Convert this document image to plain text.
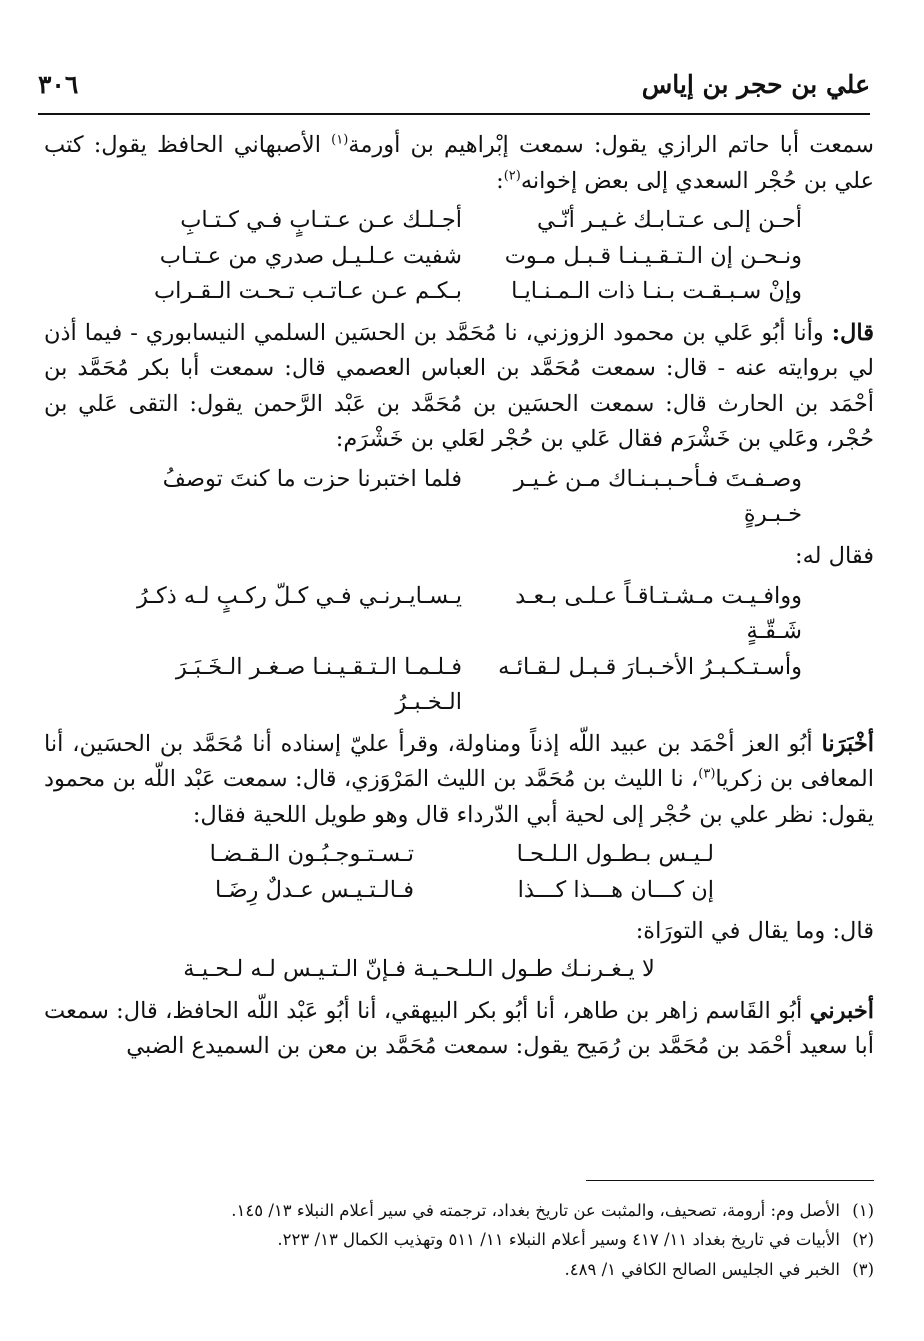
علي بن حجر بن إياس
٣٠٦

سمعت أبا حاتم الرازي يقول: سمعت إبْراهيم بن أورمة$^{(١)}$ الأصبهاني الحافظ يقول: كتب علي بن حُجْر السعدي إلى بعض إخوانه$^{(٢)}$:

أحـن إلـى عـتـابـك غـيـر أنّـي
أجـلـك عـن عـتـابٍ فـي كـتـابِ
ونـحـن إن الـتـقـيـنـا قـبـل مـوت
شفيت عـلـيـل صدري من عـتـاب
وإنْ سـبـقـت بـنـا ذات الـمـنـايـا
بـكـم عـن عـاتـب تـحـت الـقـراب

قال: وأنا أبُو عَلي بن محمود الزوزني، نا مُحَمَّد بن الحسَين السلمي النيسابوري - فيما أذن لي بروايته عنه - قال: سمعت مُحَمَّد بن العباس العصمي قال: سمعت أبا بكر مُحَمَّد بن أحْمَد بن الحارث قال: سمعت الحسَين بن مُحَمَّد بن عَبْد الرَّحمن يقول: التقى عَلي بن حُجْر، وعَلي بن خَشْرَم فقال عَلي بن حُجْر لعَلي بن خَشْرَم:

وصـفـتَ فـأحـبـبـنـاك مـن غـيـر خـبـرةٍ
فلما اختبرنا حزت ما كنتَ توصفُ

فقال له:

ووافـيـت مـشـتـاقـاً عـلـى بـعـد شَـقّـةٍ
يـسـايـرنـي فـي كـلّ ركـبٍ لـه ذكـرُ
وأسـتـكـبـرُ الأخـبـارَ قـبـل لـقـائـه
فـلـمـا الـتـقـيـنـا صـغـر الـخَـبَـرَ الـخـبـرُ

أخْبَرَنا أبُو العز أحْمَد بن عبيد اللّه إذناً ومناولة، وقرأ عليّ إسناده أنا مُحَمَّد بن الحسَين، أنا المعافى بن زكريا$^{(٣)}$، نا الليث بن مُحَمَّد بن الليث المَرْوَزي، قال: سمعت عَبْد اللّه بن محمود يقول: نظر علي بن حُجْر إلى لحية أبي الدّرداء قال وهو طويل اللحية فقال:

لـيـس بـطـول الـلـحـا
تـسـتـوجـبُـون الـقـضـا
إن كـــان هـــذا كـــذا
فـالـتـيـس عـدلٌ رِضَـا

قال: وما يقال في التورَاة:

لا يـغـرنـك طـول الـلـحـيـة فـإنّ الـتـيـس لـه لـحـيـة

أخبرني أبُو القَاسم زاهر بن طاهر، أنا أبُو بكر البيهقي، أنا أبُو عَبْد اللّه الحافظ، قال: سمعت أبا سعيد أحْمَد بن مُحَمَّد بن رُمَيح يقول: سمعت مُحَمَّد بن معن بن السميدع الضبي

(١)
الأصل وم: أرومة، تصحيف، والمثبت عن تاريخ بغداد، ترجمته في سير أعلام النبلاء ١٣/ ١٤٥.
(٢)
الأبيات في تاريخ بغداد ١١/ ٤١٧ وسير أعلام النبلاء ١١/ ٥١١ وتهذيب الكمال ١٣/ ٢٢٣.
(٣)
الخبر في الجليس الصالح الكافي ١/ ٤٨٩.
